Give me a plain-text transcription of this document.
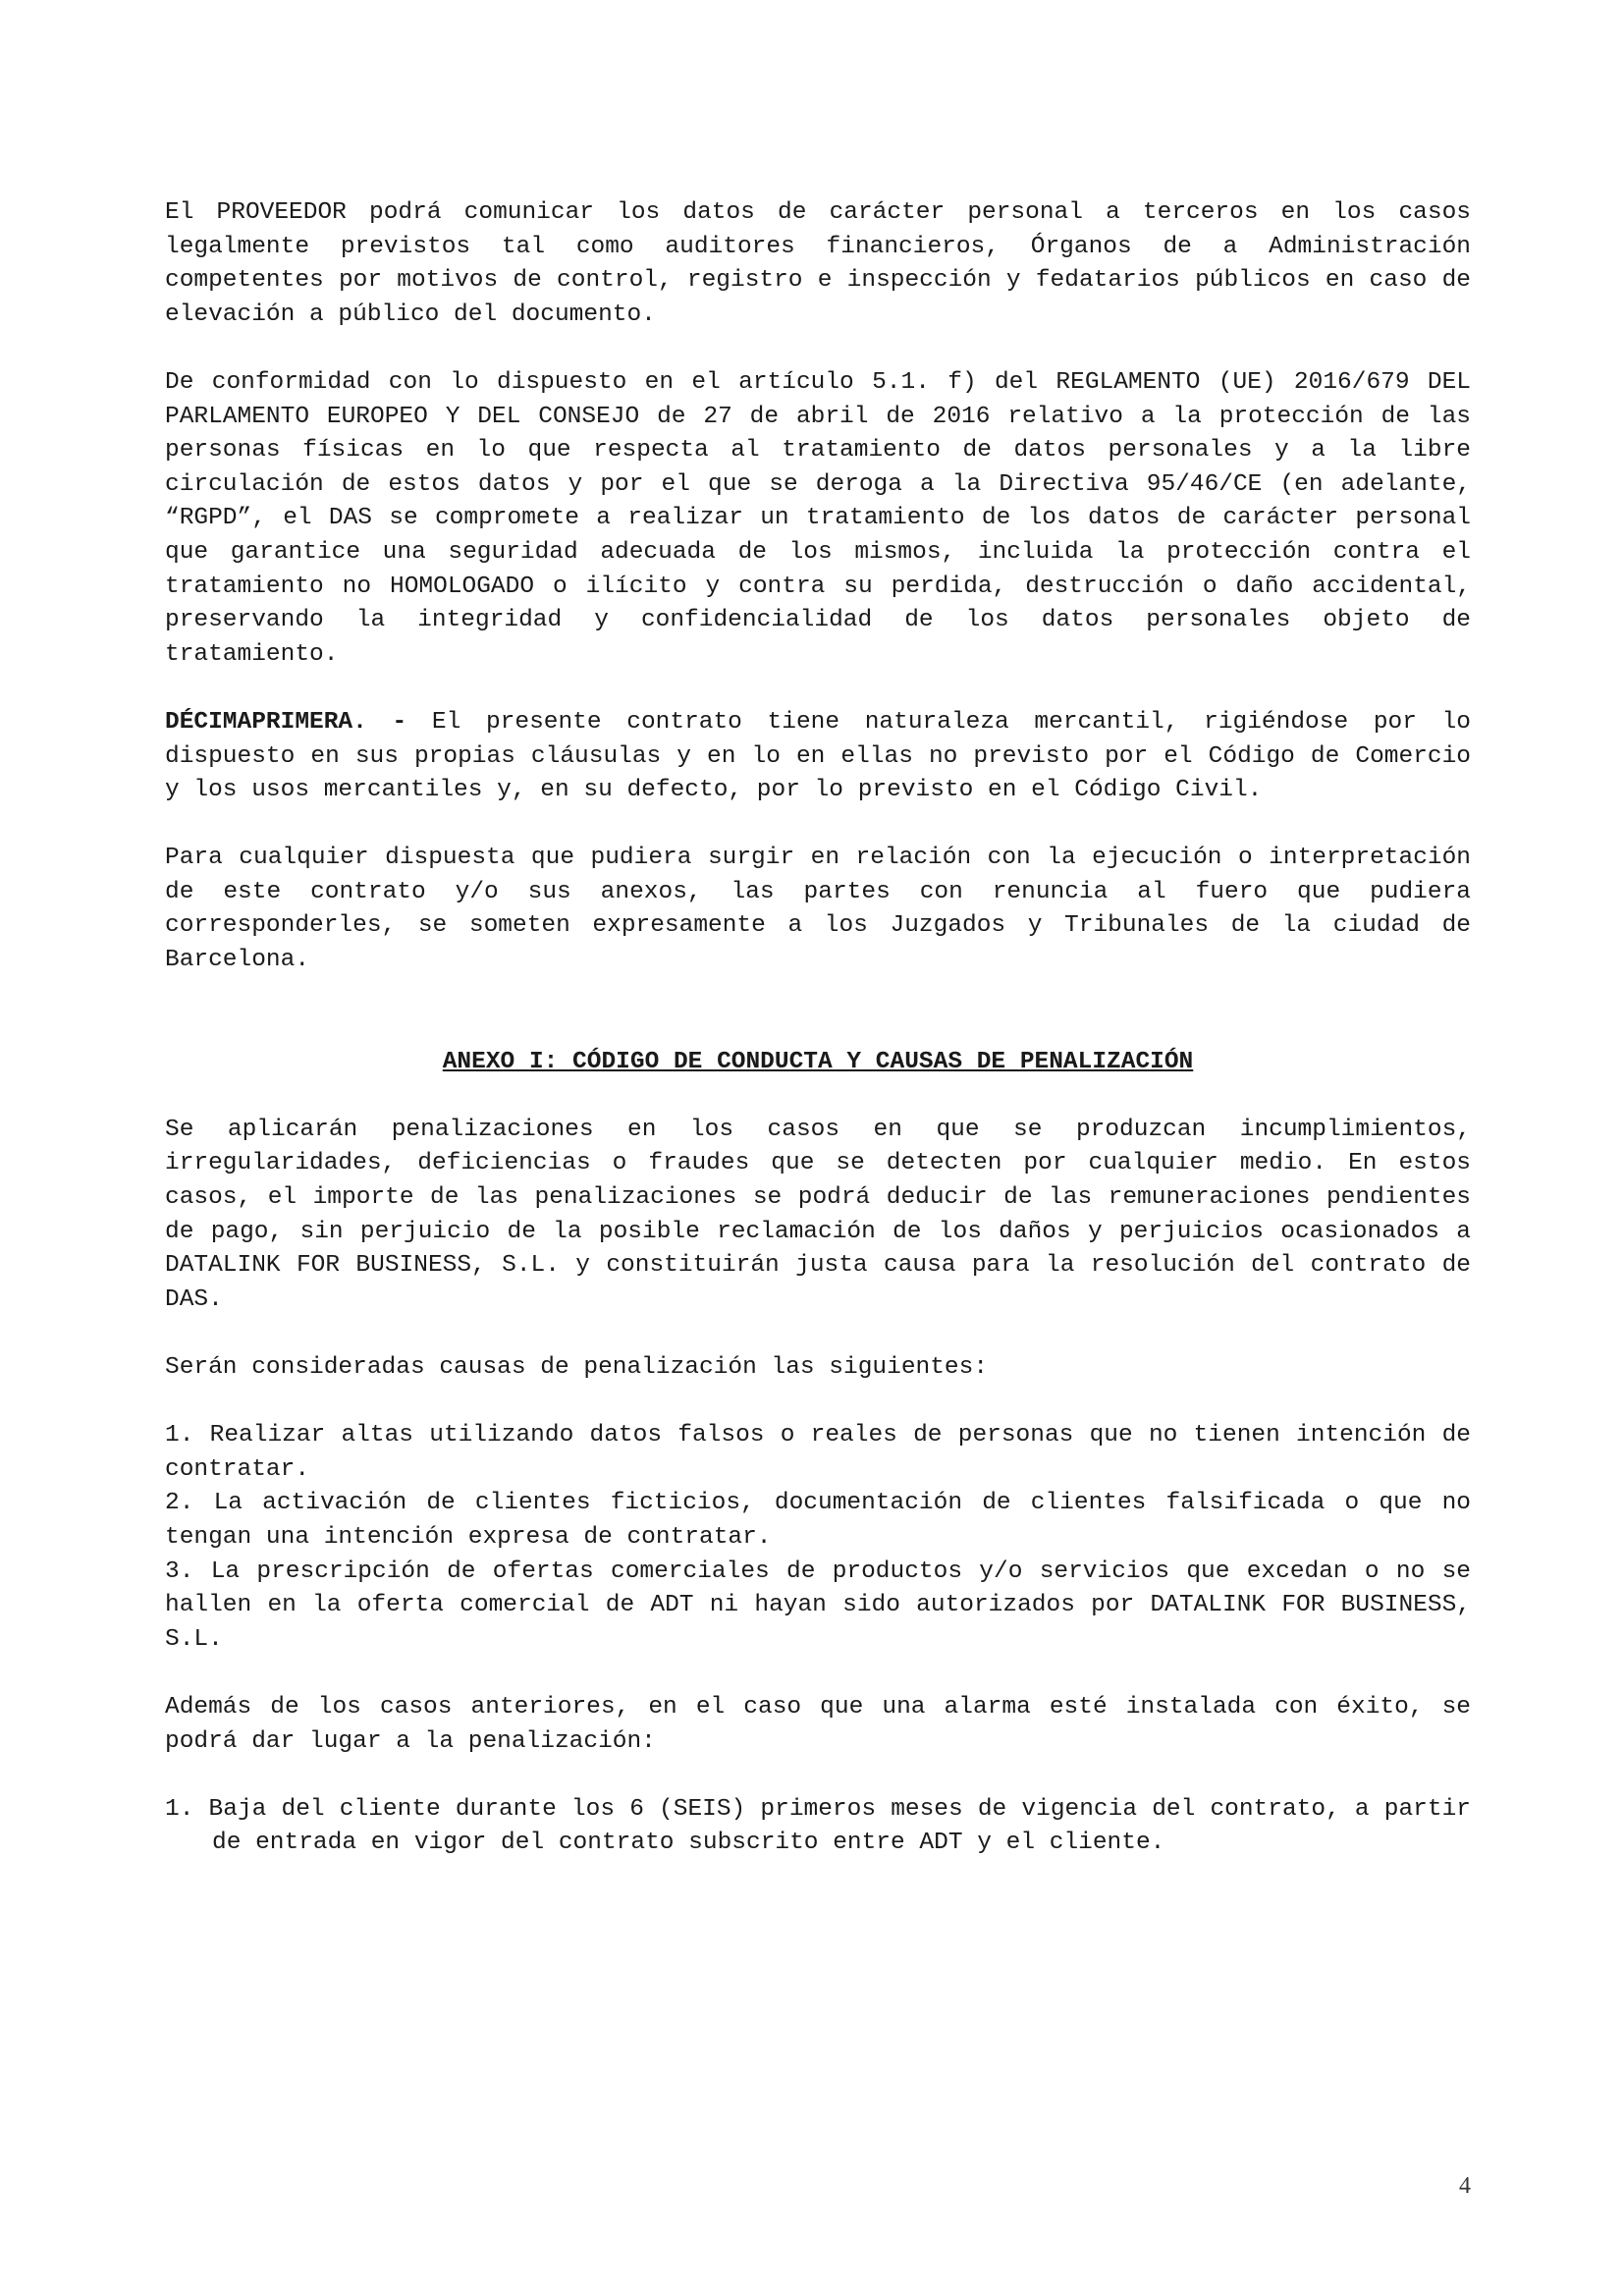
El PROVEEDOR podrá comunicar los datos de carácter personal a terceros en los casos legalmente previstos tal como auditores financieros, Órganos de a Administración competentes por motivos de control, registro e inspección y fedatarios públicos en caso de elevación a público del documento.

De conformidad con lo dispuesto en el artículo 5.1. f) del REGLAMENTO (UE) 2016/679 DEL PARLAMENTO EUROPEO Y DEL CONSEJO de 27 de abril de 2016 relativo a la protección de las personas físicas en lo que respecta al tratamiento de datos personales y a la libre circulación de estos datos y por el que se deroga a la Directiva 95/46/CE (en adelante, “RGPD”, el DAS se compromete a realizar un tratamiento de los datos de carácter personal que garantice una seguridad adecuada de los mismos, incluida la protección contra el tratamiento no HOMOLOGADO o ilícito y contra su perdida, destrucción o daño accidental, preservando la integridad y confidencialidad de los datos personales objeto de tratamiento.

DÉCIMAPRIMERA. - El presente contrato tiene naturaleza mercantil, rigiéndose por lo dispuesto en sus propias cláusulas y en lo en ellas no previsto por el Código de Comercio y los usos mercantiles y, en su defecto, por lo previsto en el Código Civil.

Para cualquier dispuesta que pudiera surgir en relación con la ejecución o interpretación de este contrato y/o sus anexos, las partes con renuncia al fuero que pudiera corresponderles, se someten expresamente a los Juzgados y Tribunales de la ciudad de Barcelona.

ANEXO I: CÓDIGO DE CONDUCTA Y CAUSAS DE PENALIZACIÓN

Se aplicarán penalizaciones en los casos en que se produzcan incumplimientos, irregularidades, deficiencias o fraudes que se detecten por cualquier medio. En estos casos, el importe de las penalizaciones se podrá deducir de las remuneraciones pendientes de pago, sin perjuicio de la posible reclamación de los daños y perjuicios ocasionados a DATALINK FOR BUSINESS, S.L. y constituirán justa causa para la resolución del contrato de DAS.

Serán consideradas causas de penalización las siguientes:

1. Realizar altas utilizando datos falsos o reales de personas que no tienen intención de contratar.
2. La activación de clientes ficticios, documentación de clientes falsificada o que no tengan una intención expresa de contratar.
3. La prescripción de ofertas comerciales de productos y/o servicios que excedan o no se hallen en la oferta comercial de ADT ni hayan sido autorizados por DATALINK FOR BUSINESS, S.L.

Además de los casos anteriores, en el caso que una alarma esté instalada con éxito, se podrá dar lugar a la penalización:

1. Baja del cliente durante los 6 (SEIS) primeros meses de vigencia del contrato, a partir de entrada en vigor del contrato subscrito entre ADT y el cliente.
4
